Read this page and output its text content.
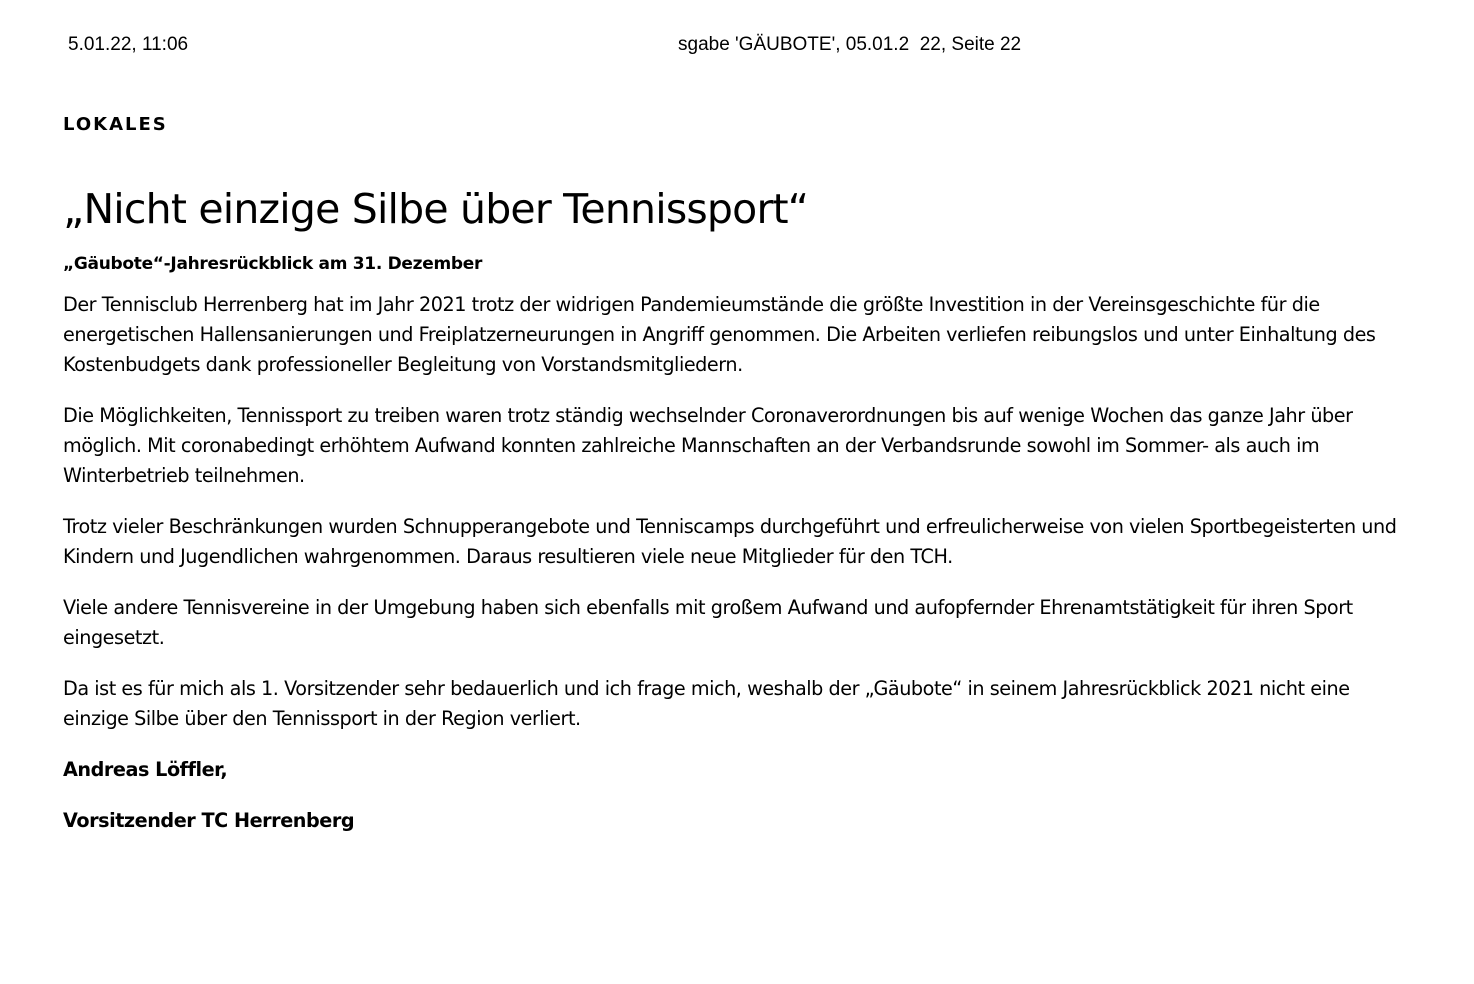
5.01.22, 11:06	sgabe 'GÄUBOTE', 05.01.2  22, Seite 22
LOKALES
„Nicht einzige Silbe über Tennissport“
„Gäubote“-Jahresrückblick am 31. Dezember

Der Tennisclub Herrenberg hat im Jahr 2021 trotz der widrigen Pandemieumstände die größte Investition in der Vereinsgeschichte für die energetischen Hallensanierungen und Freiplatzerneurungen in Angriff genommen. Die Arbeiten verliefen reibungslos und unter Einhaltung des Kostenbudgets dank professioneller Begleitung von Vorstandsmitgliedern.

Die Möglichkeiten, Tennissport zu treiben waren trotz ständig wechselnder Coronaverordnungen bis auf wenige Wochen das ganze Jahr über möglich. Mit coronabedingt erhöhtem Aufwand konnten zahlreiche Mannschaften an der Verbandsrunde sowohl im Sommer- als auch im Winterbetrieb teilnehmen.

Trotz vieler Beschränkungen wurden Schnupperangebote und Tenniscamps durchgeführt und erfreulicherweise von vielen Sportbegeisterten und Kindern und Jugendlichen wahrgenommen. Daraus resultieren viele neue Mitglieder für den TCH.

Viele andere Tennisvereine in der Umgebung haben sich ebenfalls mit großem Aufwand und aufopfernder Ehrenamtstätigkeit für ihren Sport eingesetzt.

Da ist es für mich als 1. Vorsitzender sehr bedauerlich und ich frage mich, weshalb der „Gäubote“ in seinem Jahresrückblick 2021 nicht eine einzige Silbe über den Tennissport in der Region verliert.

Andreas Löffler,
Vorsitzender TC Herrenberg
